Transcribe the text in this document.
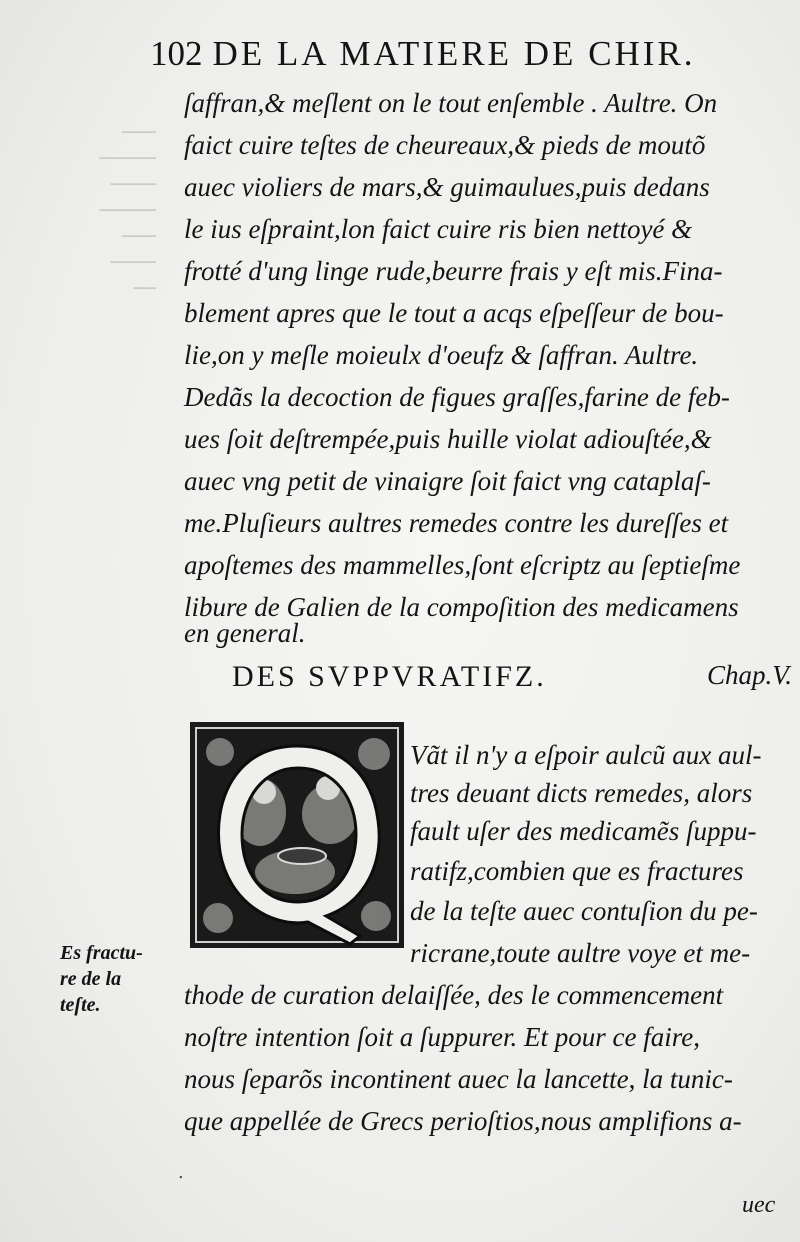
───
─────
────
─────
───
────
──
102 DE LA MATIERE DE CHIR.
ſaffran,& meſlent on le tout enſemble . Aultre. On
faict cuire teſtes de cheureaux,& pieds de moutõ
auec violiers de mars,& guimaulues,puis dedans
le ius eſpraint,lon faict cuire ris bien nettoyé &
frotté d'ung linge rude,beurre frais y eſt mis.Fina-
blement apres que le tout a acqs eſpeſſeur de bou-
lie,on y meſle moieulx d'oeufz & ſaffran. Aultre.
Dedãs la decoction de figues graſſes,farine de feb-
ues ſoit deſtrempée,puis huille violat adiouſtée,&
auec vng petit de vinaigre ſoit faict vng cataplaſ-
me.Pluſieurs aultres remedes contre les dureſſes et
apoſtemes des mammelles,ſont eſcriptz au ſeptieſme
libure de Galien de la compoſition des medicamens
en general.
DES SVPPVRATIFZ.	Chap.V.
Vãt il n'y a eſpoir aulcũ aux aul-
tres deuant dicts remedes, alors
fault uſer des medicamẽs ſuppu-
ratifz,combien que es fractures
de la teſte auec contuſion du pe-
ricrane,toute aultre voye et me-
thode de curation delaiſſée, des le commencement
noſtre intention ſoit a ſuppurer. Et pour ce faire,
nous ſeparõs incontinent auec la lancette, la tunic-
que appellée de Grecs perioſtios,nous amplifions a-
Es fractu-
re de la
teſte.
.
uec
